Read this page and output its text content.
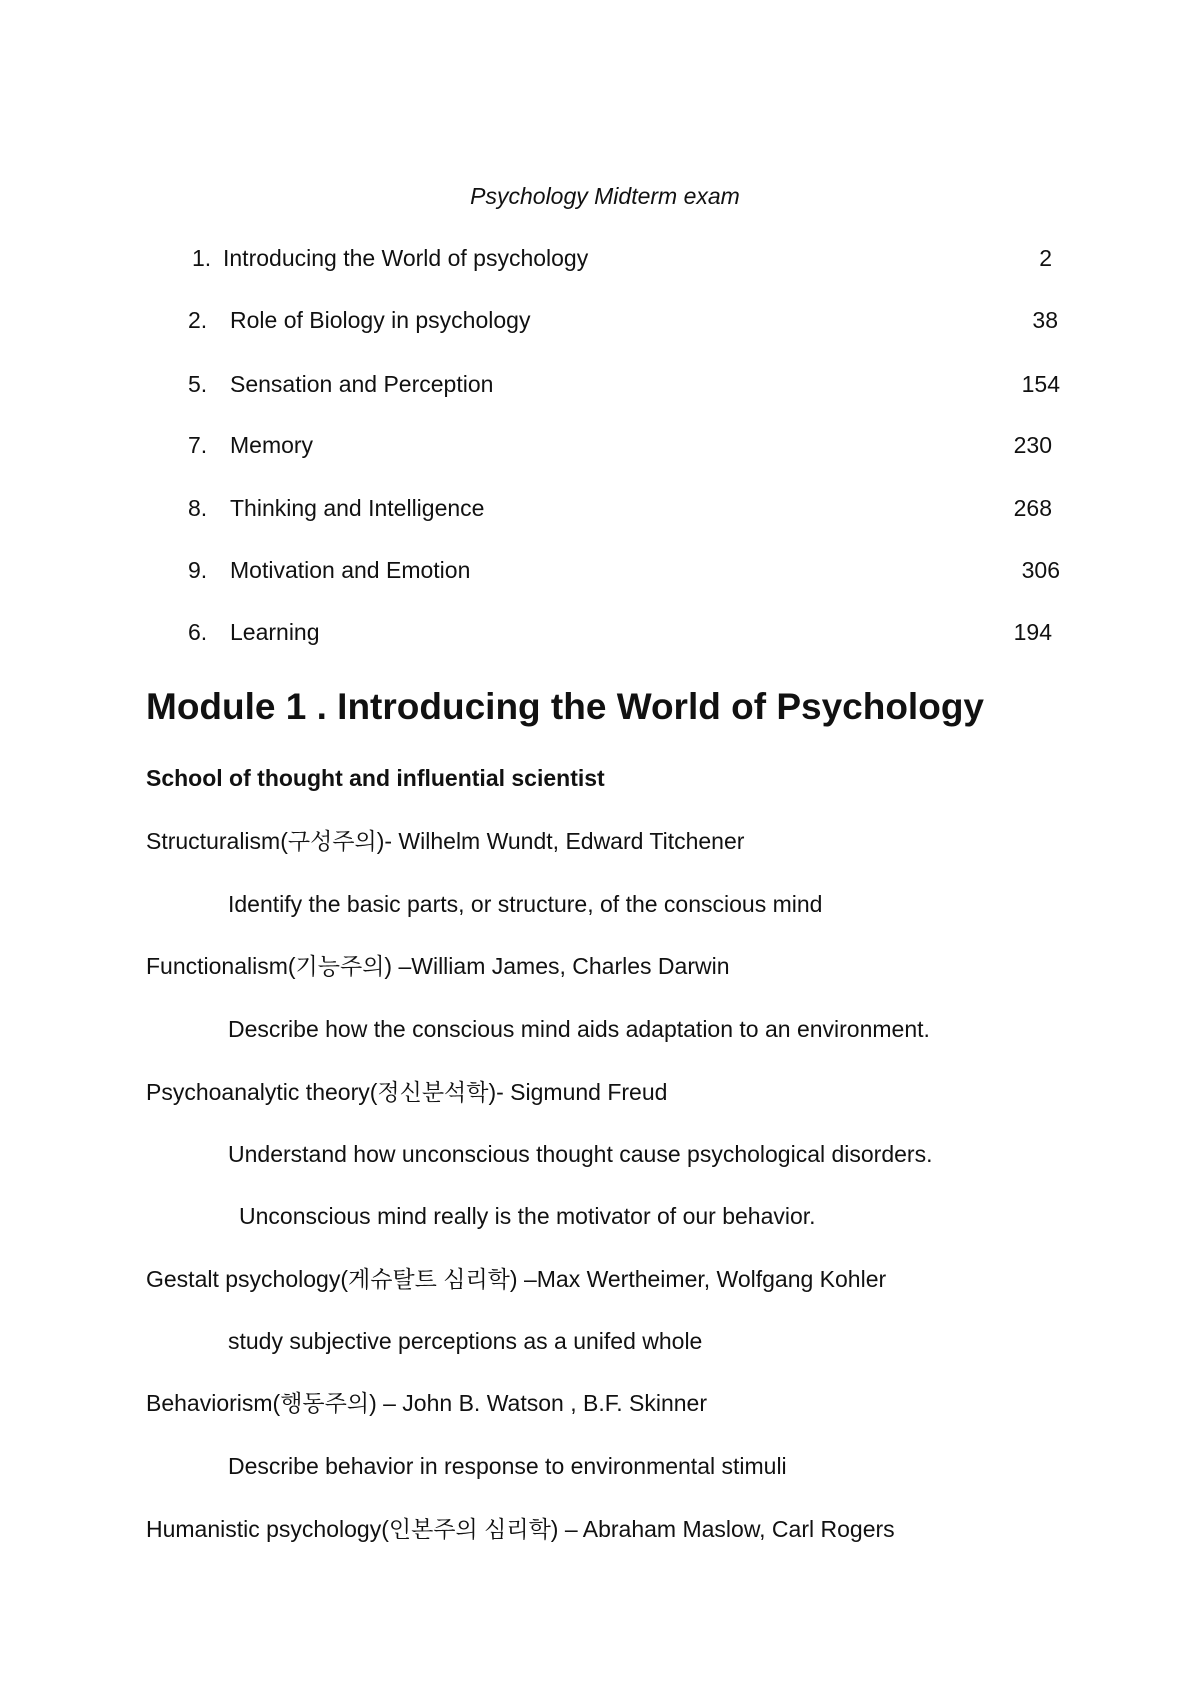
Psychology Midterm exam
1. Introducing the World of psychology	2
2. Role of Biology in psychology	38
5. Sensation and Perception	154
7. Memory	230
8. Thinking and Intelligence	268
9. Motivation and Emotion	306
6. Learning	194
Module 1 . Introducing the World of Psychology
School of thought and influential scientist
Structuralism(구성주의)- Wilhelm Wundt, Edward Titchener
Identify the basic parts, or structure, of the conscious mind
Functionalism(기능주의) –William James, Charles Darwin
Describe how the conscious mind aids adaptation to an environment.
Psychoanalytic theory(정신분석학)- Sigmund Freud
Understand how unconscious thought cause psychological disorders.
Unconscious mind really is the motivator of our behavior.
Gestalt psychology(게슈탈트 심리학) –Max Wertheimer, Wolfgang Kohler
study subjective perceptions as a unifed whole
Behaviorism(행동주의) – John B. Watson , B.F. Skinner
Describe behavior in response to environmental stimuli
Humanistic psychology(인본주의 심리학) – Abraham Maslow, Carl Rogers
